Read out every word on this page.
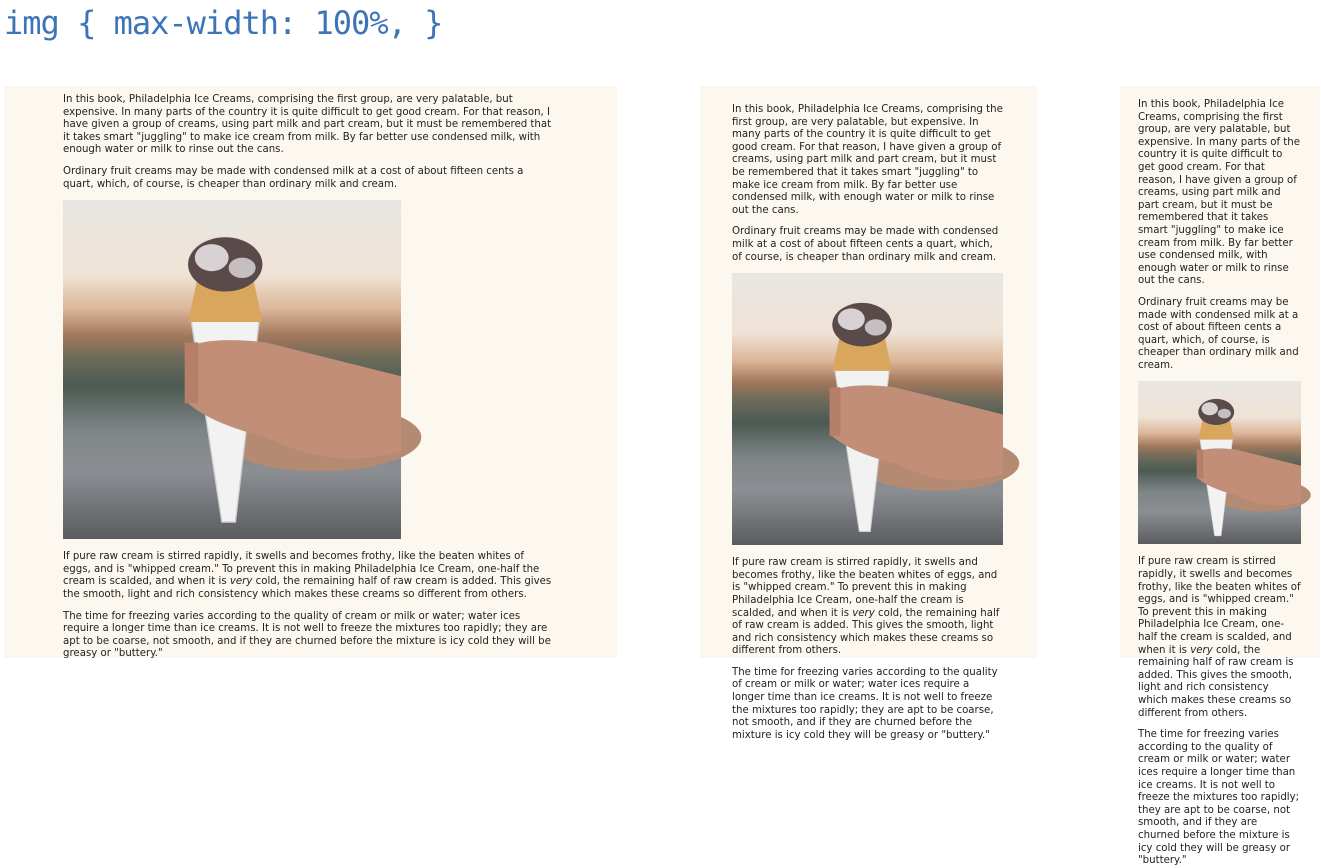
img { max-width: 100%, }

In this book, Philadelphia Ice Creams, comprising the first group, are very palatable, but expensive. In many parts of the country it is quite difficult to get good cream. For that reason, I have given a group of creams, using part milk and part cream, but it must be remembered that it takes smart "juggling" to make ice cream from milk. By far better use condensed milk, with enough water or milk to rinse out the cans.

Ordinary fruit creams may be made with condensed milk at a cost of about fifteen cents a quart, which, of course, is cheaper than ordinary milk and cream.

If pure raw cream is stirred rapidly, it swells and becomes frothy, like the beaten whites of eggs, and is "whipped cream." To prevent this in making Philadelphia Ice Cream, one-half the cream is scalded, and when it is very cold, the remaining half of raw cream is added. This gives the smooth, light and rich consistency which makes these creams so different from others.

The time for freezing varies according to the quality of cream or milk or water; water ices require a longer time than ice creams. It is not well to freeze the mixtures too rapidly; they are apt to be coarse, not smooth, and if they are churned before the mixture is icy cold they will be greasy or "buttery."

In this book, Philadelphia Ice Creams, comprising the first group, are very palatable, but expensive. In many parts of the country it is quite difficult to get good cream. For that reason, I have given a group of creams, using part milk and part cream, but it must be remembered that it takes smart "juggling" to make ice cream from milk. By far better use condensed milk, with enough water or milk to rinse out the cans.

Ordinary fruit creams may be made with condensed milk at a cost of about fifteen cents a quart, which, of course, is cheaper than ordinary milk and cream.

If pure raw cream is stirred rapidly, it swells and becomes frothy, like the beaten whites of eggs, and is "whipped cream." To prevent this in making Philadelphia Ice Cream, one-half the cream is scalded, and when it is very cold, the remaining half of raw cream is added. This gives the smooth, light and rich consistency which makes these creams so different from others.

The time for freezing varies according to the quality of cream or milk or water; water ices require a longer time than ice creams. It is not well to freeze the mixtures too rapidly; they are apt to be coarse, not smooth, and if they are churned before the mixture is icy cold they will be greasy or "buttery."

In this book, Philadelphia Ice Creams, comprising the first group, are very palatable, but expensive. In many parts of the country it is quite difficult to get good cream. For that reason, I have given a group of creams, using part milk and part cream, but it must be remembered that it takes smart "juggling" to make ice cream from milk. By far better use condensed milk, with enough water or milk to rinse out the cans.

Ordinary fruit creams may be made with condensed milk at a cost of about fifteen cents a quart, which, of course, is cheaper than ordinary milk and cream.

If pure raw cream is stirred rapidly, it swells and becomes frothy, like the beaten whites of eggs, and is "whipped cream." To prevent this in making Philadelphia Ice Cream, one-half the cream is scalded, and when it is very cold, the remaining half of raw cream is added. This gives the smooth, light and rich consistency which makes these creams so different from others.

The time for freezing varies according to the quality of cream or milk or water; water ices require a longer time than ice creams. It is not well to freeze the mixtures too rapidly; they are apt to be coarse, not smooth, and if they are churned before the mixture is icy cold they will be greasy or "buttery."
